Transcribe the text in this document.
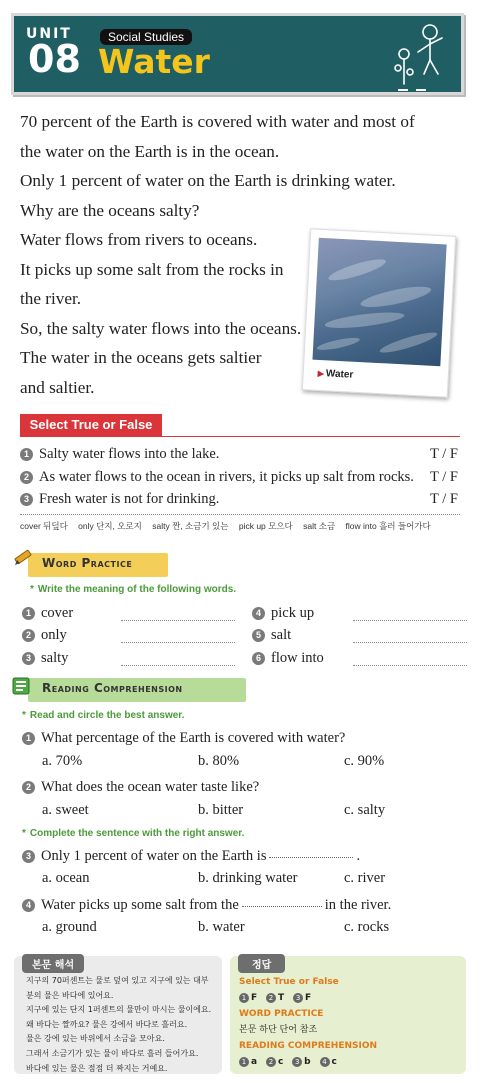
UNIT
08	Social Studies
Water

70 percent of the Earth is covered with water and most of

the water on the Earth is in the ocean.

Only 1 percent of water on the Earth is drinking water.

Why are the oceans salty?

Water flows from rivers to oceans.

It picks up some salt from the rocks in

the river.

So, the salty water flows into the oceans.

The water in the oceans gets saltier

and saltier.

▶Water
Select True or False
1 Salty water flows into the lake.	T / F
2 As water flows to the ocean in rivers, it picks up salt from rocks. T / F
3 Fresh water is not for drinking.	T / F
cover 뒤덮다 only 단지, 오로지 salty 짠, 소금기 있는 pick up 모으다 salt 소금 flow into 흘러 들어가다
Word Practice
* Write the meaning of the following words.
1 cover
2 only
3 salty
4 pick up
5 salt
6 flow into
Reading Comprehension
* Read and circle the best answer.
1 What percentage of the Earth is covered with water?
a. 70%	b. 80%	c. 90%
2 What does the ocean water taste like?
a. sweet	b. bitter	c. salty
* Complete the sentence with the right answer.
3 Only 1 percent of water on the Earth is	.
a. ocean	b. drinking water	c. river
4 Water picks up some salt from the	in the river.
a. ground	b. water	c. rocks
본문 해석
지구의 70퍼센트는 물로 덮여 있고 지구에 있는 대부
분의 물은 바다에 있어요.
지구에 있는 단지 1퍼센트의 물만이 마시는 물이에요.
왜 바다는 짤까요? 물은 강에서 바다로 흘러요.
물은 강에 있는 바위에서 소금을 모아요.
그래서 소금기가 있는 물이 바다로 흘러 들어가요.
바다에 있는 물은 점점 더 짜지는 거예요.
정답
Select True or False
1 F 2 T 3 F
WORD PRACTICE
본문 하단 단어 참조
READING COMPREHENSION
1 a 2 c 3 b 4 c
